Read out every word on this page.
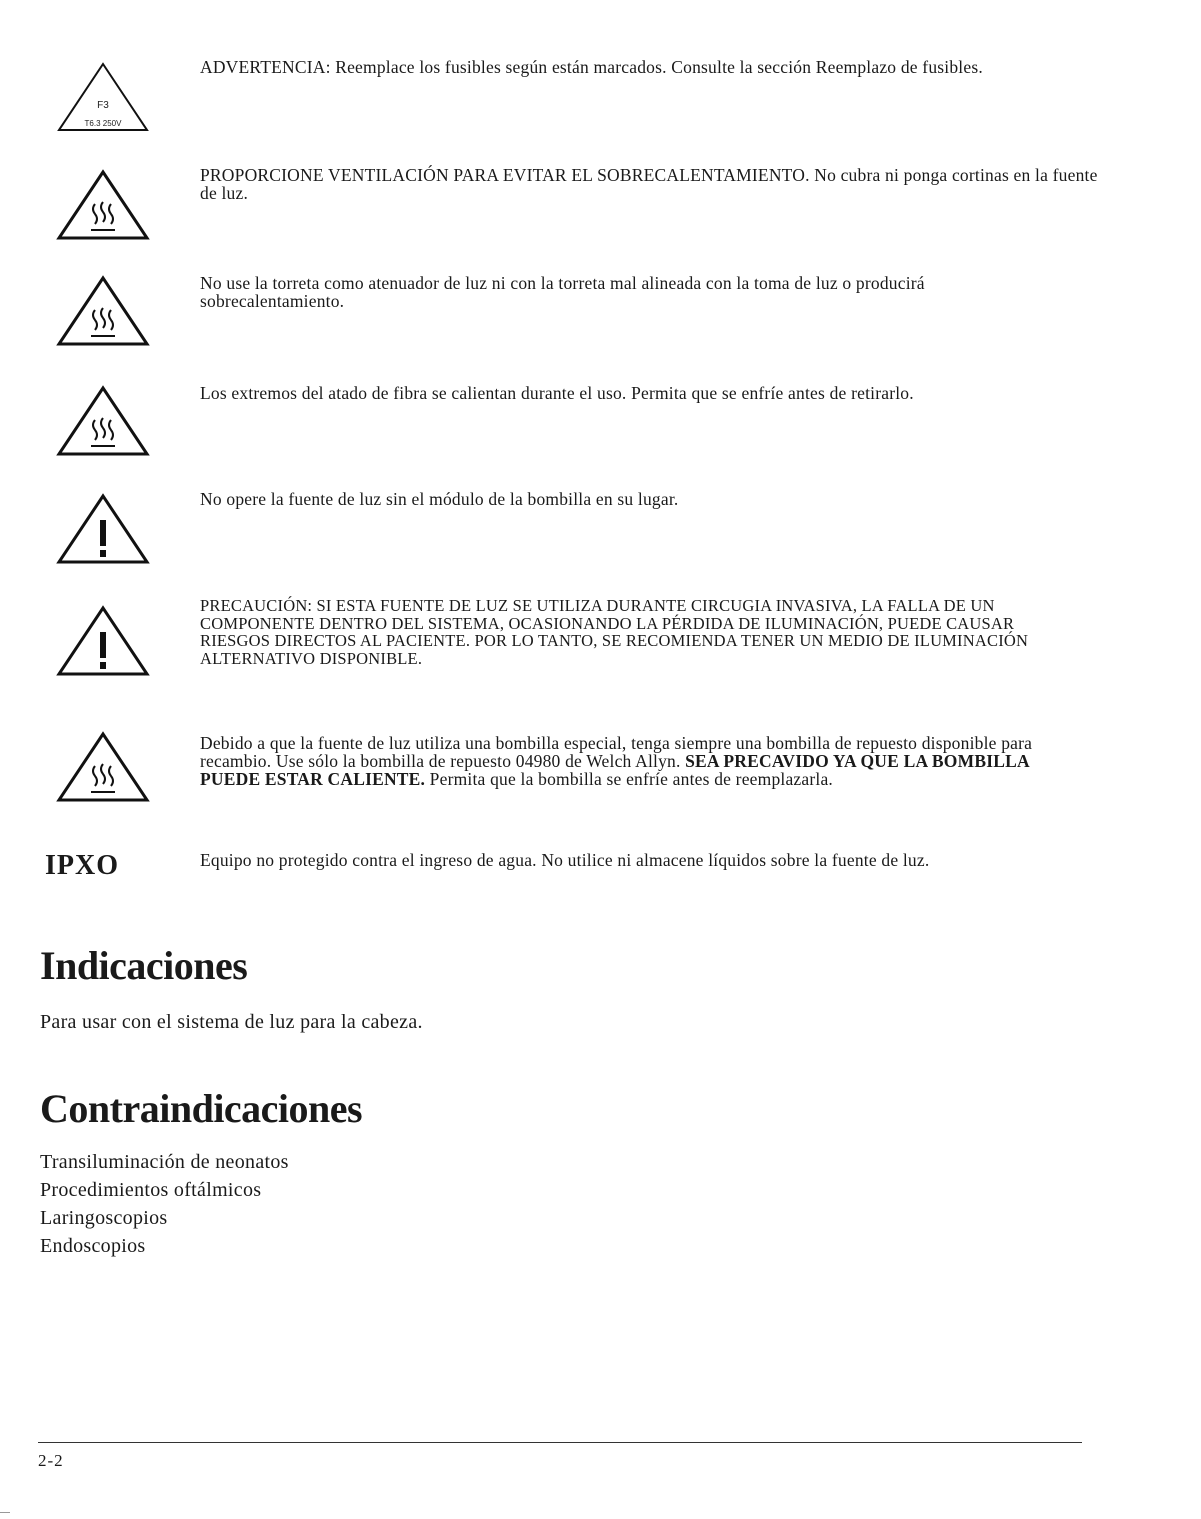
F3
T6.3 250V
ADVERTENCIA: Reemplace los fusibles según están marcados. Consulte la sección Reemplazo de fusibles.
PROPORCIONE VENTILACIÓN PARA EVITAR EL SOBRECALENTAMIENTO. No cubra ni ponga cortinas en la fuente de luz.
No use la torreta como atenuador de luz ni con la torreta mal alineada con la toma de luz o producirá sobrecalentamiento.
Los extremos del atado de fibra se calientan durante el uso. Permita que se enfríe antes de retirarlo.
No opere la fuente de luz sin el módulo de la bombilla en su lugar.
PRECAUCIÓN: SI ESTA FUENTE DE LUZ SE UTILIZA DURANTE CIRCUGIA INVASIVA, LA FALLA DE UN COMPONENTE DENTRO DEL SISTEMA, OCASIONANDO LA PÉRDIDA DE ILUMINACIÓN, PUEDE CAUSAR RIESGOS DIRECTOS AL PACIENTE. POR LO TANTO, SE RECOMIENDA TENER UN MEDIO DE ILUMINACIÓN ALTERNATIVO DISPONIBLE.
Debido a que la fuente de luz utiliza una bombilla especial, tenga siempre una bombilla de repuesto disponible para recambio. Use sólo la bombilla de repuesto 04980 de Welch Allyn. SEA PRECAVIDO YA QUE LA BOMBILLA PUEDE ESTAR CALIENTE. Permita que la bombilla se enfríe antes de reemplazarla.
IPXO	Equipo no protegido contra el ingreso de agua. No utilice ni almacene líquidos sobre la fuente de luz.
Indicaciones
Para usar con el sistema de luz para la cabeza.
Contraindicaciones
Transiluminación de neonatos
Procedimientos oftálmicos
Laringoscopios
Endoscopios
2-2
